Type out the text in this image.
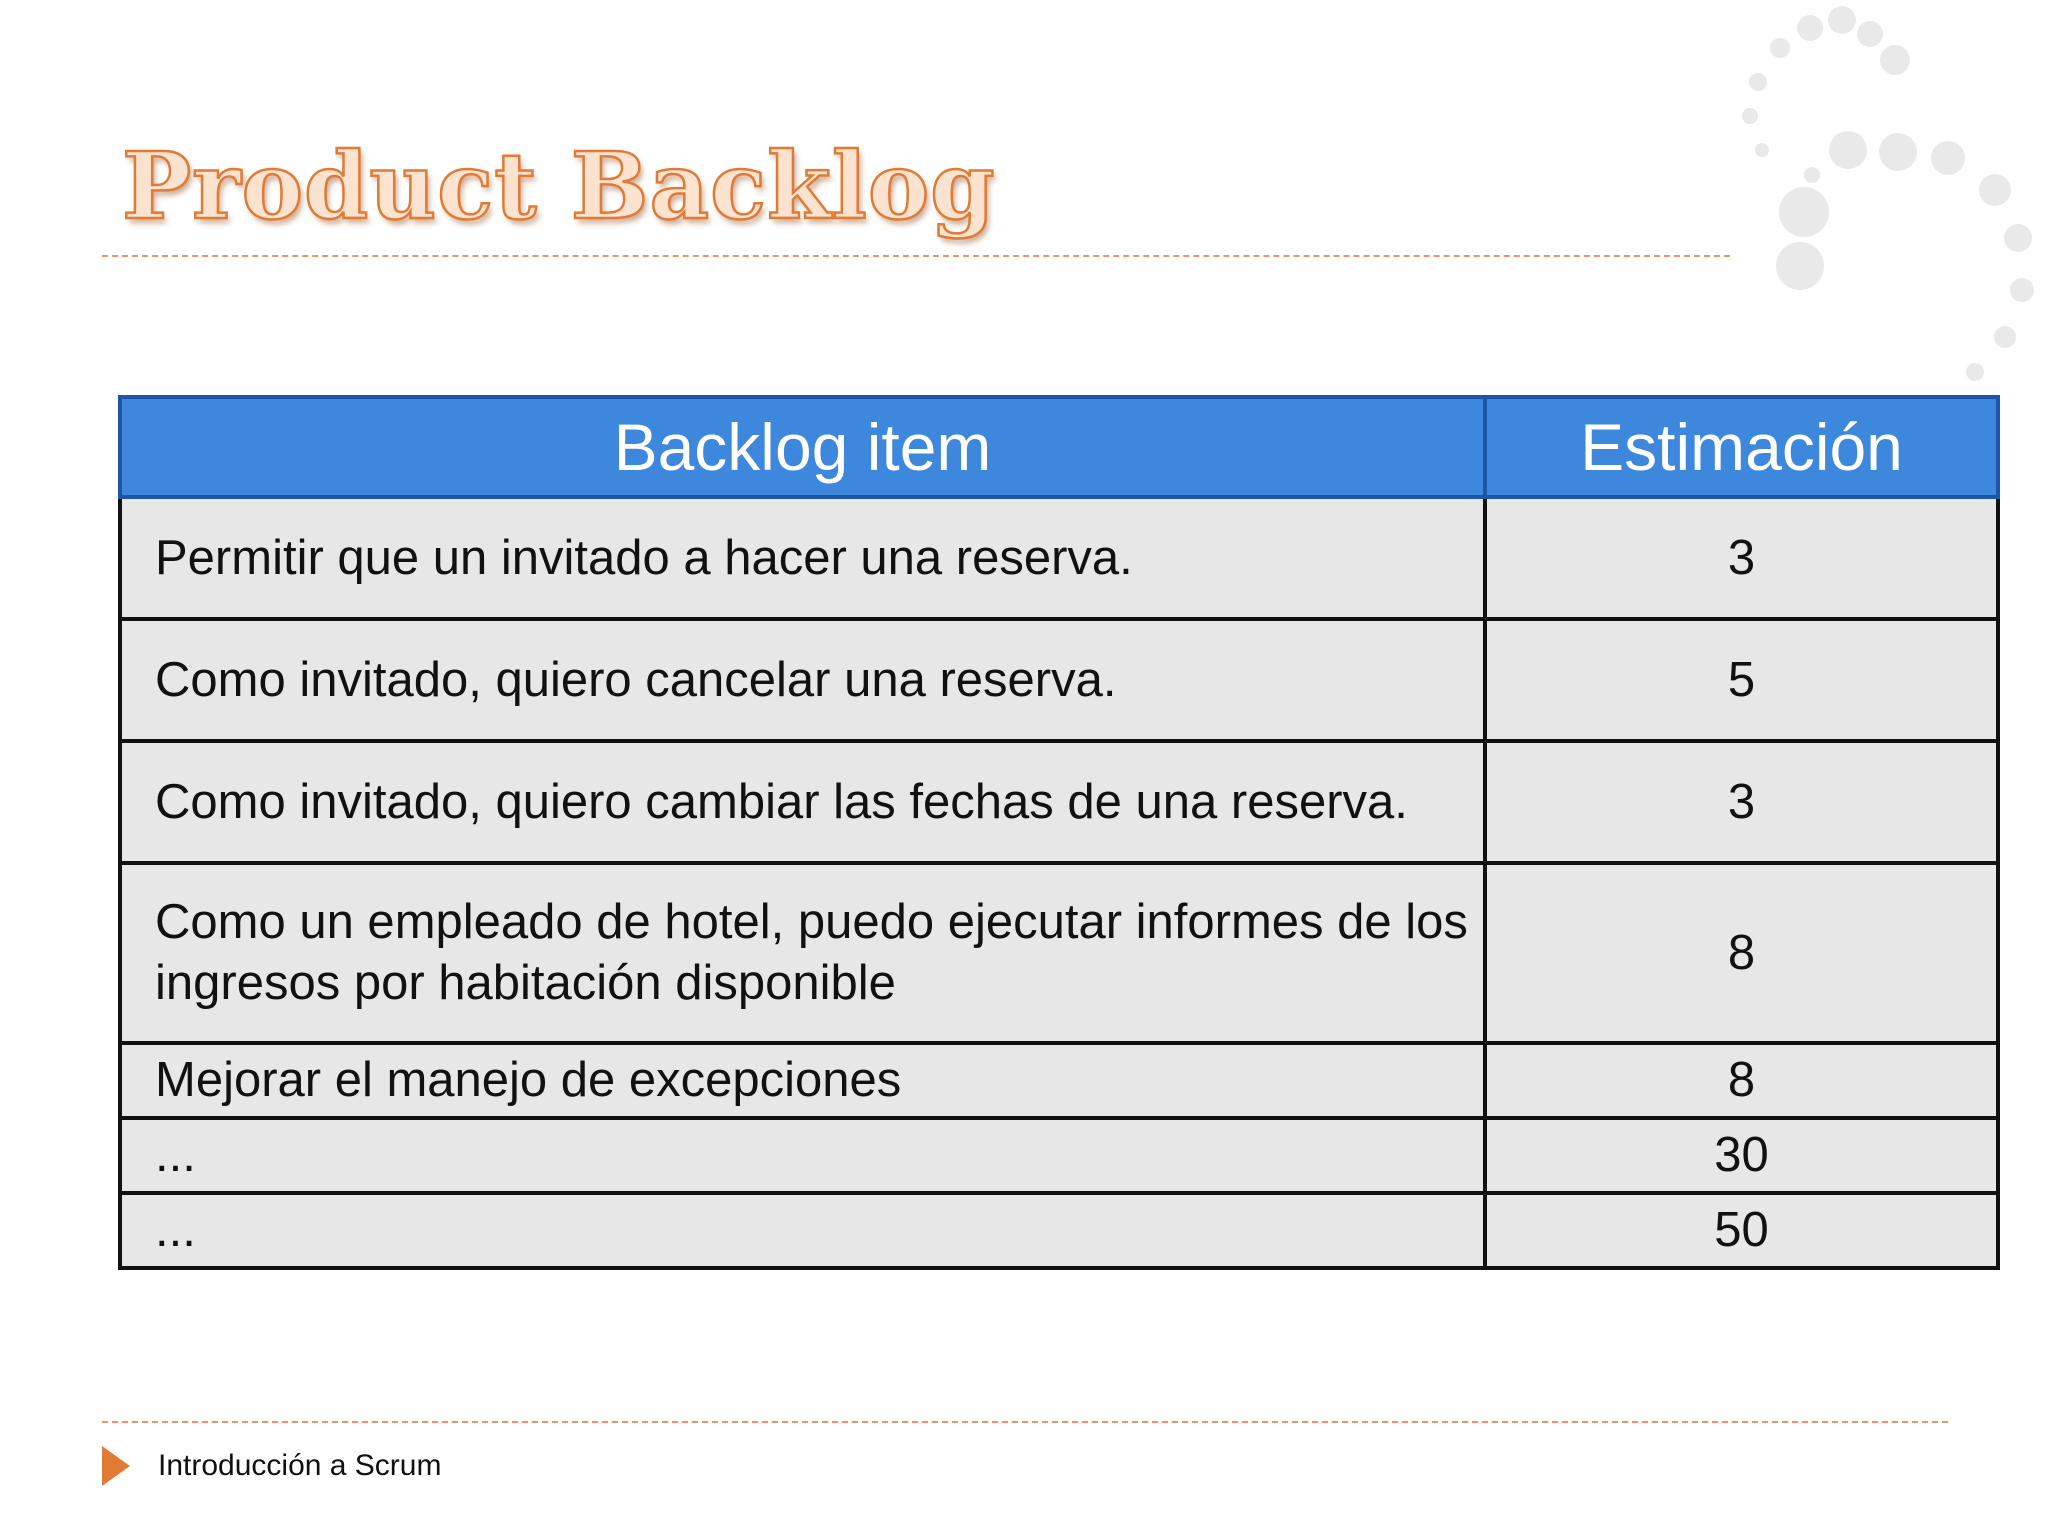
Product Backlog
Backlog item	Estimación
Permitir que un invitado a hacer una reserva.	3
Como invitado, quiero cancelar una reserva.	5
Como invitado, quiero cambiar las fechas de una reserva.	3
Como un empleado de hotel, puedo ejecutar informes de los ingresos por habitación disponible	8
Mejorar el manejo de excepciones	8
...	30
...	50
Introducción a Scrum
